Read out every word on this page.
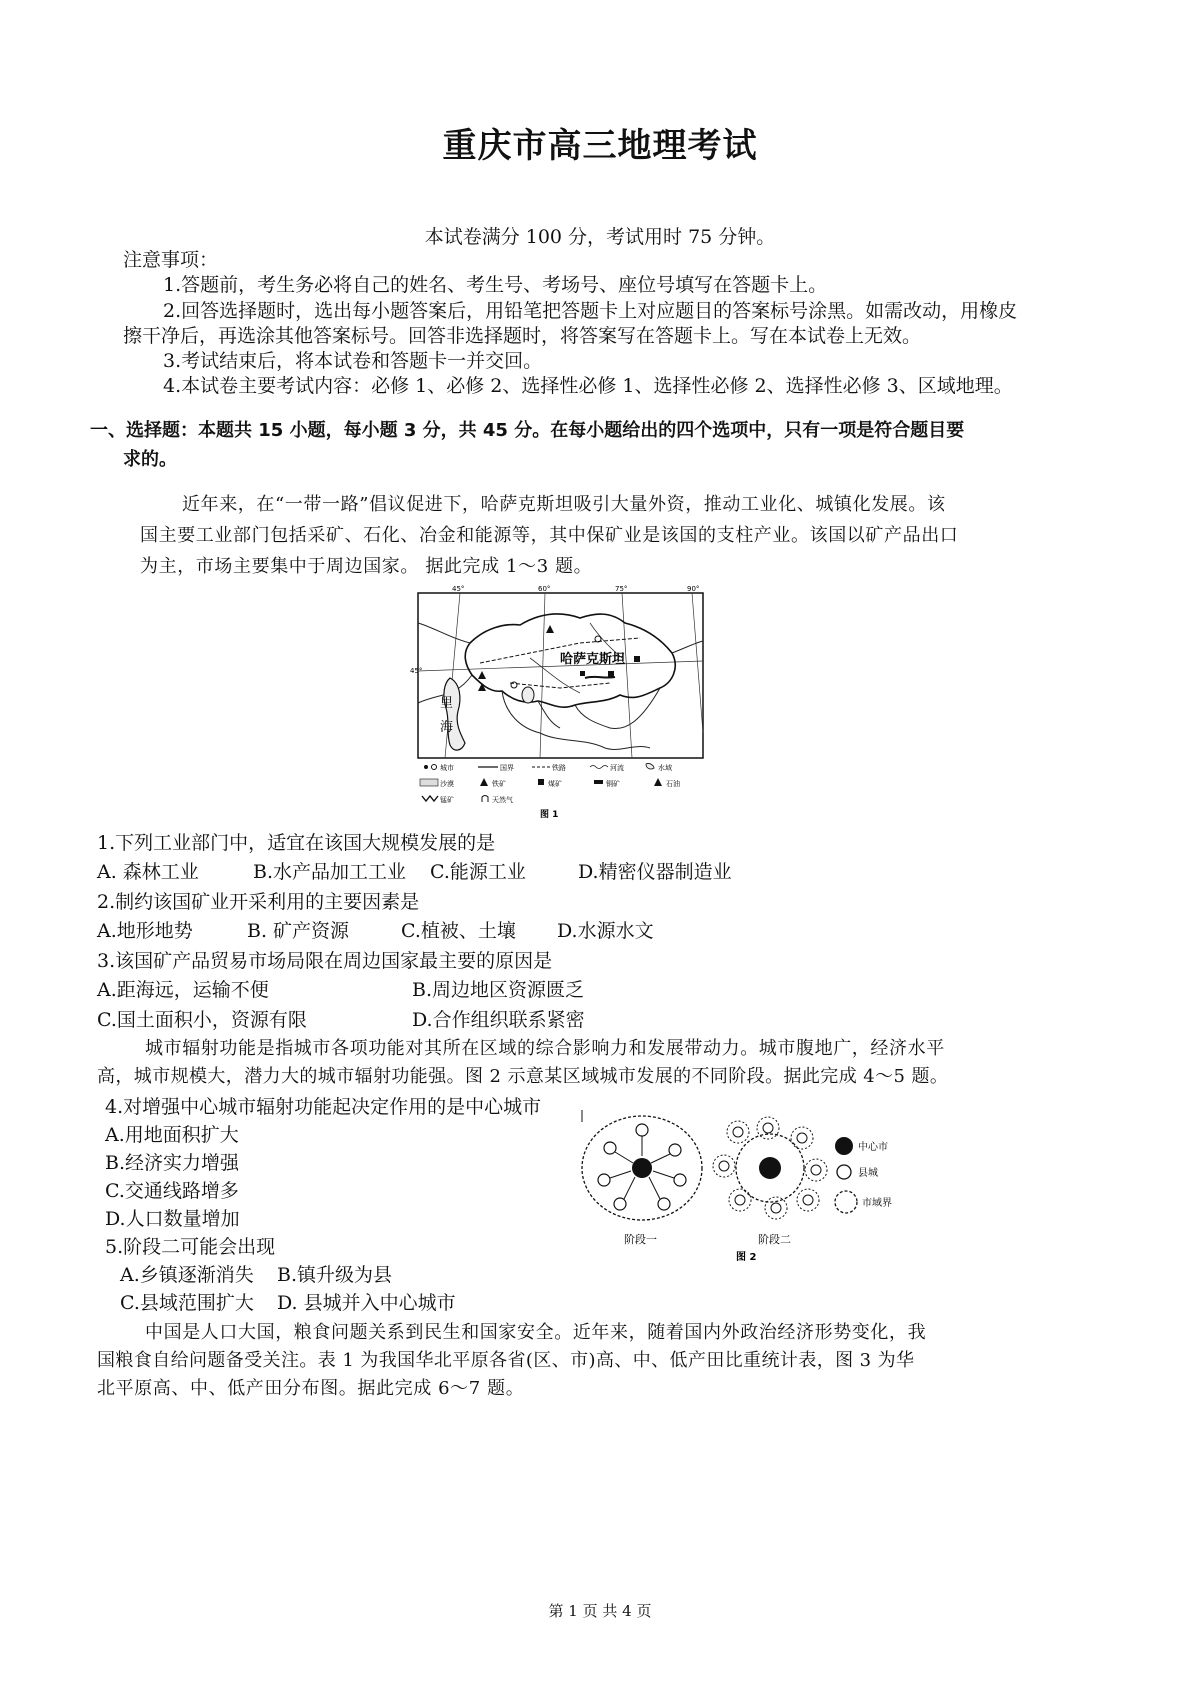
重庆市高三地理考试
本试卷满分 100 分，考试用时 75 分钟。
注意事项：
1.答题前，考生务必将自己的姓名、考生号、考场号、座位号填写在答题卡上。
2.回答选择题时，选出每小题答案后，用铅笔把答题卡上对应题目的答案标号涂黑。如需改动，用橡皮
擦干净后，再选涂其他答案标号。回答非选择题时，将答案写在答题卡上。写在本试卷上无效。
3.考试结束后，将本试卷和答题卡一并交回。
4.本试卷主要考试内容：必修 1、必修 2、选择性必修 1、选择性必修 2、选择性必修 3、区域地理。
一、选择题：本题共 15 小题，每小题 3 分，共 45 分。在每小题给出的四个选项中，只有一项是符合题目要
求的。
近年来，在“一带一路”倡议促进下，哈萨克斯坦吸引大量外资，推动工业化、城镇化发展。该
国主要工业部门包括采矿、石化、冶金和能源等，其中保矿业是该国的支柱产业。该国以矿产品出口
为主，市场主要集中于周边国家。 据此完成 1～3 题。
45°	60°	75°	90°
45°
里
海
哈萨克斯坦
城市	国界	铁路	河流	水域
沙漠	铁矿	煤矿	铜矿	石油
锰矿	天然气
图 1
1.下列工业部门中，适宜在该国大规模发展的是
A. 森林工业	B.水产品加工工业 C.能源工业	D.精密仪器制造业
2.制约该国矿业开采利用的主要因素是
A.地形地势	B. 矿产资源	C.植被、土壤 D.水源水文
3.该国矿产品贸易市场局限在周边国家最主要的原因是
A.距海远，运输不便	B.周边地区资源匮乏
C.国土面积小，资源有限	D.合作组织联系紧密
城市辐射功能是指城市各项功能对其所在区域的综合影响力和发展带动力。城市腹地广，经济水平
高，城市规模大，潜力大的城市辐射功能强。图 2 示意某区域城市发展的不同阶段。据此完成 4～5 题。
4.对增强中心城市辐射功能起决定作用的是中心城市
A.用地面积扩大
B.经济实力增强
C.交通线路增多
D.人口数量增加
5.阶段二可能会出现
A.乡镇逐渐消失 B.镇升级为县
C.县域范围扩大 D. 县城并入中心城市
阶段一	阶段二
中心市
县城
市域界
图 2
中国是人口大国，粮食问题关系到民生和国家安全。近年来，随着国内外政治经济形势变化，我
国粮食自给问题备受关注。表 1 为我国华北平原各省(区、市)高、中、低产田比重统计表，图 3 为华
北平原高、中、低产田分布图。据此完成 6～7 题。
第 1 页 共 4 页
